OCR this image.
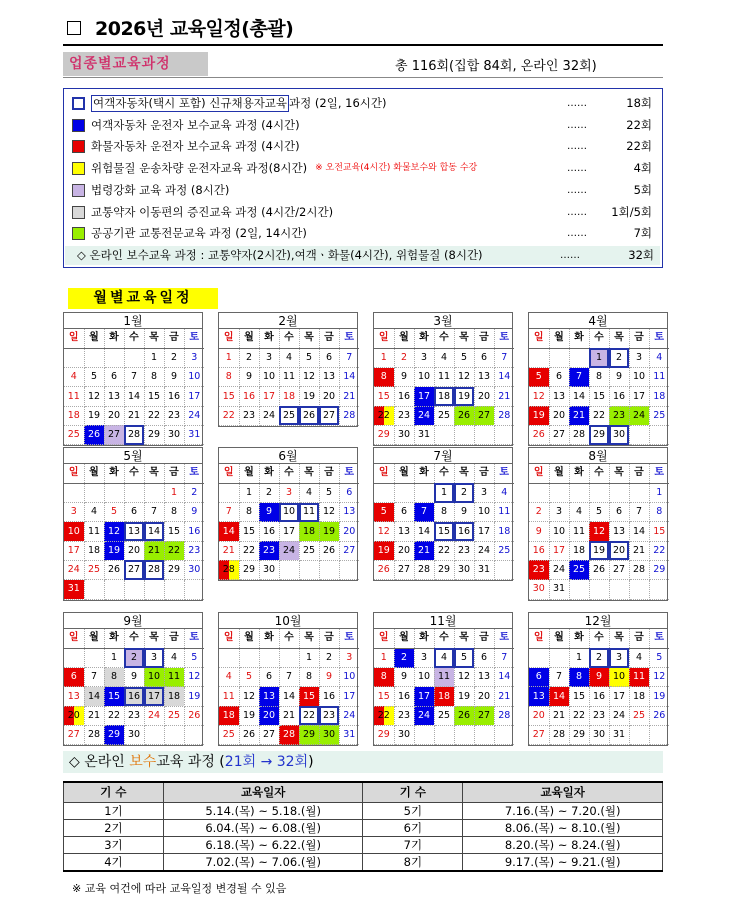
2026년 교육일정(총괄)
업종별교육과정	총 116회(집합 84회, 온라인 32회)
여객자동차(택시 포함) 신규채용자교육 과정 (2일, 16시간)	……	18회
여객자동차 운전자 보수교육 과정 (4시간)	……	22회
화물자동차 운전자 보수교육 과정 (4시간)	……	22회
위험물질 운송차량 운전자교육 과정(8시간) ※ 오전교육(4시간) 화물보수와 합동 수강	……	4회
법령강화 교육 과정 (8시간)	……	5회
교통약자 이동편의 증진교육 과정 (4시간/2시간)	…… 1회/5회
공공기관 교통전문교육 과정 (2일, 14시간)	……	7회
◇ 온라인 보수교육 과정 : 교통약자(2시간),여객ㆍ화물(4시간), 위험물질 (8시간)	……	32회
월별교육일정
1월
일	월	화	수	목	금	토
				1	2	3
4	5	6	7	8	9	10
11	12	13	14	15	16	17
18	19	20	21	22	23	24
25	26	27	28	29	30	31
2월
일	월	화	수	목	금	토
1	2	3	4	5	6	7
8	9	10	11	12	13	14
15	16	17	18	19	20	21
22	23	24	25	26	27	28
3월
일	월	화	수	목	금	토
1	2	3	4	5	6	7
8	9	10	11	12	13	14
15	16	17	18	19	20	21
22	23	24	25	26	27	28
29	30	31				
4월
일	월	화	수	목	금	토
			1	2	3	4
5	6	7	8	9	10	11
12	13	14	15	16	17	18
19	20	21	22	23	24	25
26	27	28	29	30		
5월
일	월	화	수	목	금	토
					1	2
3	4	5	6	7	8	9
10	11	12	13	14	15	16
17	18	19	20	21	22	23
24	25	26	27	28	29	30
31						
6월
일	월	화	수	목	금	토
	1	2	3	4	5	6
7	8	9	10	11	12	13
14	15	16	17	18	19	20
21	22	23	24	25	26	27
28	29	30				
7월
일	월	화	수	목	금	토
			1	2	3	4
5	6	7	8	9	10	11
12	13	14	15	16	17	18
19	20	21	22	23	24	25
26	27	28	29	30	31	
8월
일	월	화	수	목	금	토
						1
2	3	4	5	6	7	8
9	10	11	12	13	14	15
16	17	18	19	20	21	22
23	24	25	26	27	28	29
30	31					
9월
일	월	화	수	목	금	토
		1	2	3	4	5
6	7	8	9	10	11	12
13	14	15	16	17	18	19
20	21	22	23	24	25	26
27	28	29	30			
10월
일	월	화	수	목	금	토
				1	2	3
4	5	6	7	8	9	10
11	12	13	14	15	16	17
18	19	20	21	22	23	24
25	26	27	28	29	30	31
11월
일	월	화	수	목	금	토
1	2	3	4	5	6	7
8	9	10	11	12	13	14
15	16	17	18	19	20	21
22	23	24	25	26	27	28
29	30					
12월
일	월	화	수	목	금	토
		1	2	3	4	5
6	7	8	9	10	11	12
13	14	15	16	17	18	19
20	21	22	23	24	25	26
27	28	29	30	31		
◇ 온라인 보수교육 과정 (21회 → 32회)
기 수	교육일자	기 수	교육일자
1기	5.14.(목) ~ 5.18.(월)	5기	7.16.(목) ~ 7.20.(월)
2기	6.04.(목) ~ 6.08.(월)	6기	8.06.(목) ~ 8.10.(월)
3기	6.18.(목) ~ 6.22.(월)	7기	8.20.(목) ~ 8.24.(월)
4기	7.02.(목) ~ 7.06.(월)	8기	9.17.(목) ~ 9.21.(월)
※ 교육 여건에 따라 교육일정 변경될 수 있음
